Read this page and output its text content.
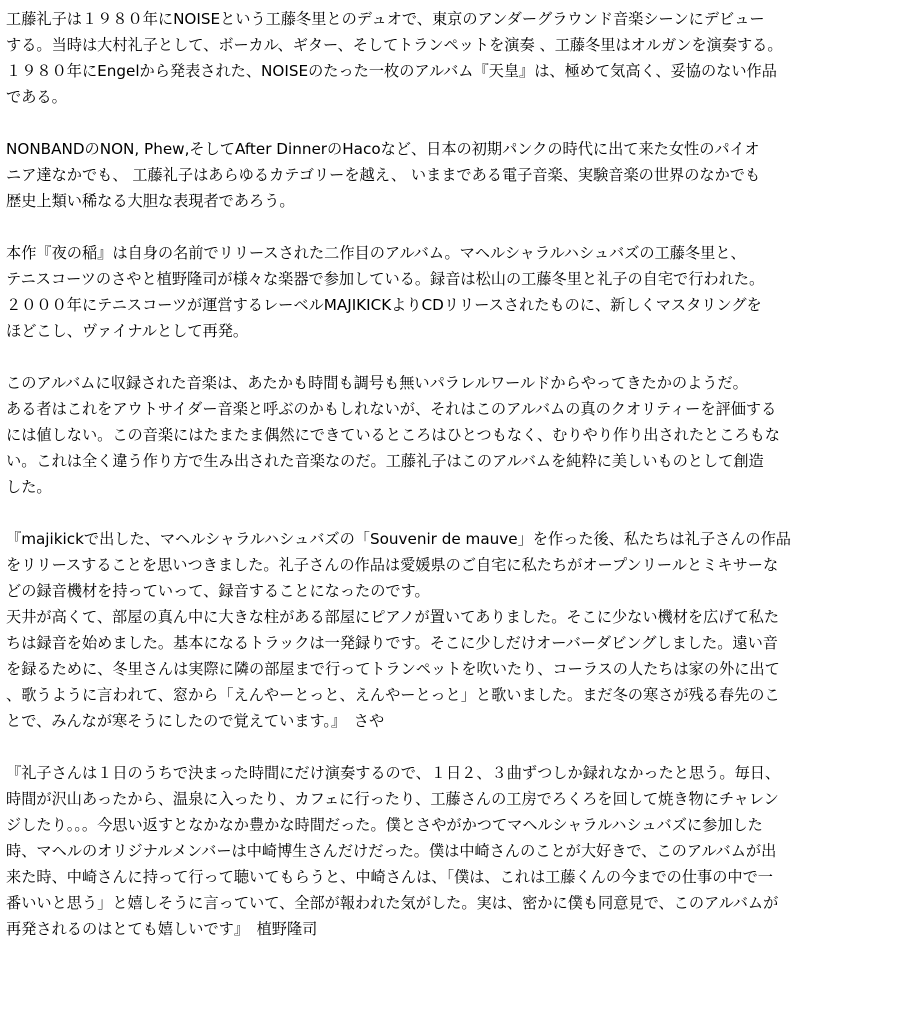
工藤礼子は１９８０年にNOISEという工藤冬里とのデュオで、東京のアンダーグラウンド音楽シーンにデビュー
する。当時は大村礼子として、ボーカル、ギター、そしてトランペットを演奏 、工藤冬里はオルガンを演奏する。
１９８０年にEngelから発表された、NOISEのたった一枚のアルバム『天皇』は、極めて気高く、妥協のない作品
である。
NONBANDのNON, Phew,そしてAfter DinnerのHacoなど、日本の初期パンクの時代に出て来た女性のパイオ
ニア達なかでも、 工藤礼子はあらゆるカテゴリーを越え、 いままである電子音楽、実験音楽の世界のなかでも
歴史上類い稀なる大胆な表現者であろう。
本作『夜の稲』は自身の名前でリリースされた二作目のアルバム。マヘルシャラルハシュバズの工藤冬里と、
テニスコーツのさやと植野隆司が様々な楽器で参加している。録音は松山の工藤冬里と礼子の自宅で行われた。
２０００年にテニスコーツが運営するレーベルMAJIKICKよりCDリリースされたものに、新しくマスタリングを
ほどこし、ヴァイナルとして再発。
このアルバムに収録された音楽は、あたかも時間も調号も無いパラレルワールドからやってきたかのようだ。
ある者はこれをアウトサイダー音楽と呼ぶのかもしれないが、それはこのアルバムの真のクオリティーを評価する
には値しない。この音楽にはたまたま偶然にできているところはひとつもなく、むりやり作り出されたところもな
い。これは全く違う作り方で生み出された音楽なのだ。工藤礼子はこのアルバムを純粋に美しいものとして創造
した。
『majikickで出した、マヘルシャラルハシュバズの「Souvenir de mauve」を作った後、私たちは礼子さんの作品
をリリースすることを思いつきました。礼子さんの作品は愛媛県のご自宅に私たちがオープンリールとミキサーな
どの録音機材を持っていって、録音することになったのです。
天井が高くて、部屋の真ん中に大きな柱がある部屋にピアノが置いてありました。そこに少ない機材を広げて私た
ちは録音を始めました。基本になるトラックは一発録りです。そこに少しだけオーバーダビングしました。遠い音
を録るために、冬里さんは実際に隣の部屋まで行ってトランペットを吹いたり、コーラスの人たちは家の外に出て
、歌うように言われて、窓から「えんやーとっと、えんやーとっと」と歌いました。まだ冬の寒さが残る春先のこ
とで、みんなが寒そうにしたので覚えています。』　さや
『礼子さんは１日のうちで決まった時間にだけ演奏するので、１日２、３曲ずつしか録れなかったと思う。毎日、
時間が沢山あったから、温泉に入ったり、カフェに行ったり、工藤さんの工房でろくろを回して焼き物にチャレン
ジしたり。。。今思い返すとなかなか豊かな時間だった。僕とさやがかつてマヘルシャラルハシュバズに参加した
時、マヘルのオリジナルメンバーは中崎博生さんだけだった。僕は中崎さんのことが大好きで、このアルバムが出
来た時、中崎さんに持って行って聴いてもらうと、中崎さんは、「僕は、これは工藤くんの今までの仕事の中で一
番いいと思う」と嬉しそうに言っていて、全部が報われた気がした。実は、密かに僕も同意見で、このアルバムが
再発されるのはとても嬉しいです』　植野隆司
